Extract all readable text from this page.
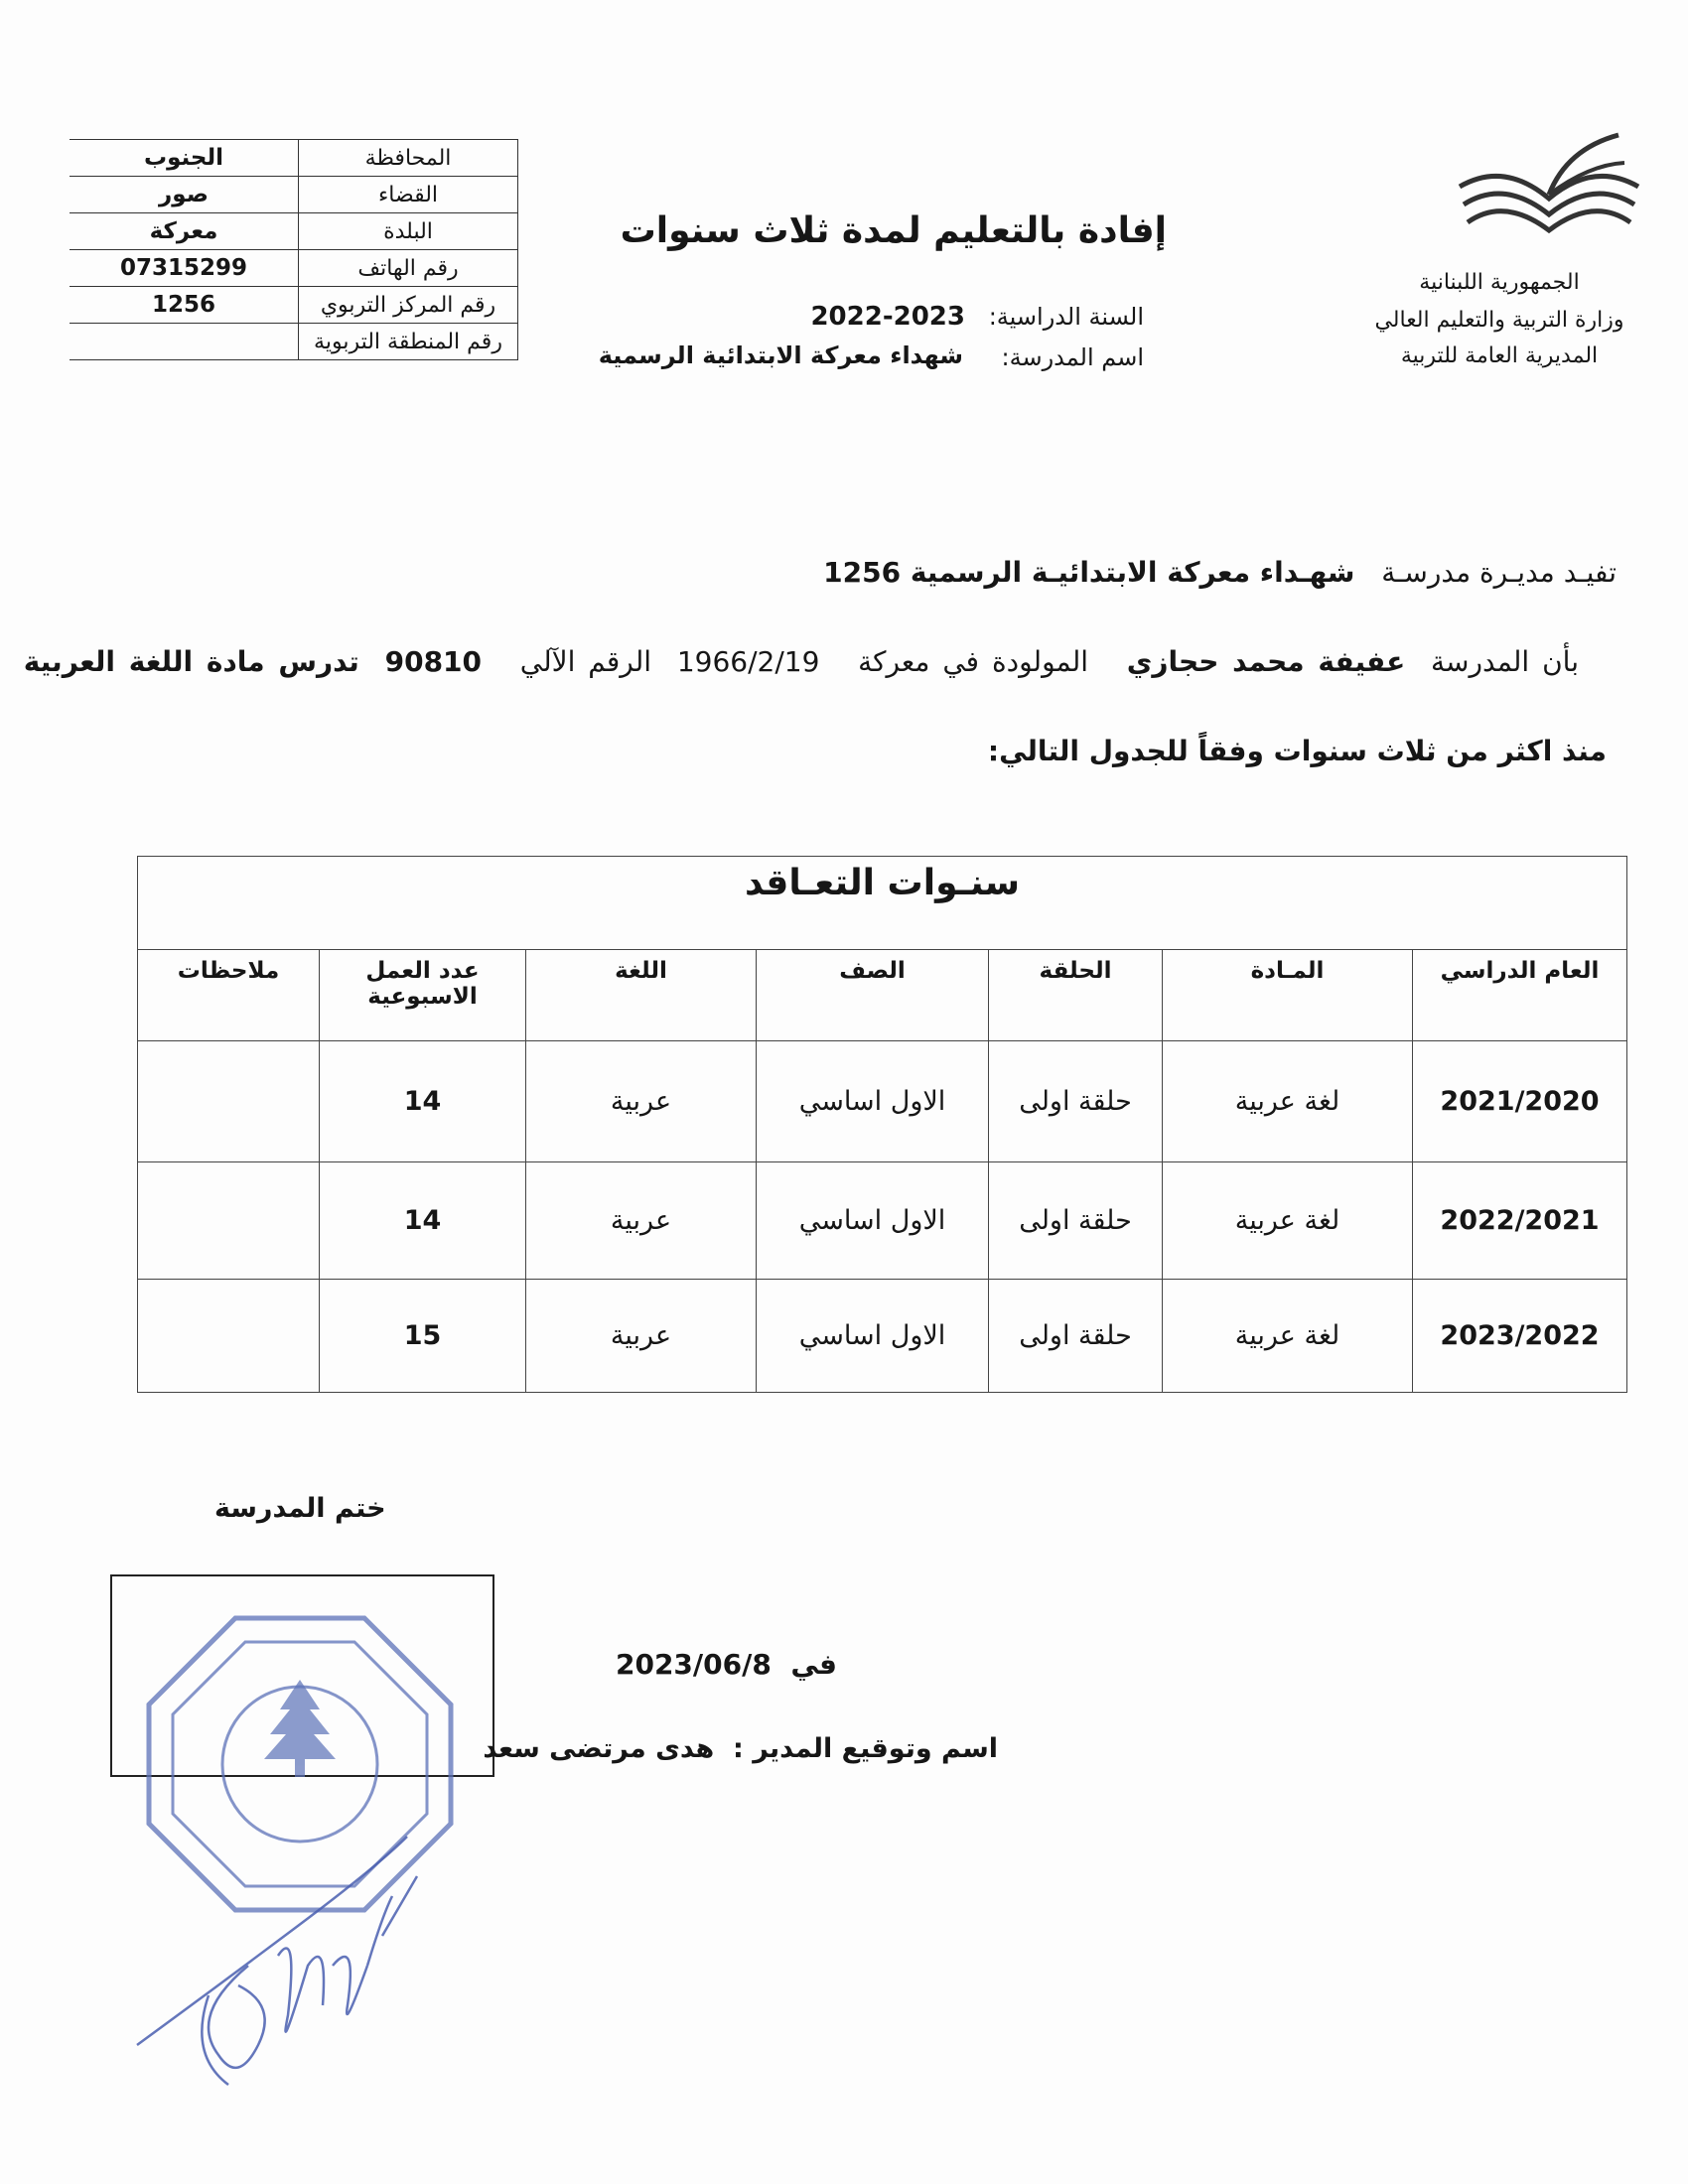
المحافظة	الجنوب
القضاء	صور
البلدة	معركة
رقم الهاتف	07315299
رقم المركز التربوي	1256
رقم المنطقة التربوية	
الجمهورية اللبنانية
وزارة التربية والتعليم العالي
المديرية العامة للتربية
إفادة بالتعليم لمدة ثلاث سنوات
السنة الدراسية:
2022-2023
اسم المدرسة:
شهداء معركة الابتدائية الرسمية
تفيـد مديـرة مدرسـة   شهـداء معركة الابتدائيـة الرسمية 1256
بأن المدرسة  عفيفة محمد حجازي   المولودة في معركة   1966/2/19  الرقم الآلي   90810  تدرس مادة اللغة العربية
منذ اكثر من ثلاث سنوات وفقاً للجدول التالي:
سنـوات التعـاقد						
العام الدراسي	المـادة	الحلقة	الصف	اللغة	عدد العمل الاسبوعية	ملاحظات
2021/2020	لغة عربية	حلقة اولى	الاول اساسي	عربية	14	
2022/2021	لغة عربية	حلقة اولى	الاول اساسي	عربية	14	
2023/2022	لغة عربية	حلقة اولى	الاول اساسي	عربية	15	
ختم المدرسة
في  2023/06/8
اسم وتوقيع المدير :  هدى مرتضى سعد
